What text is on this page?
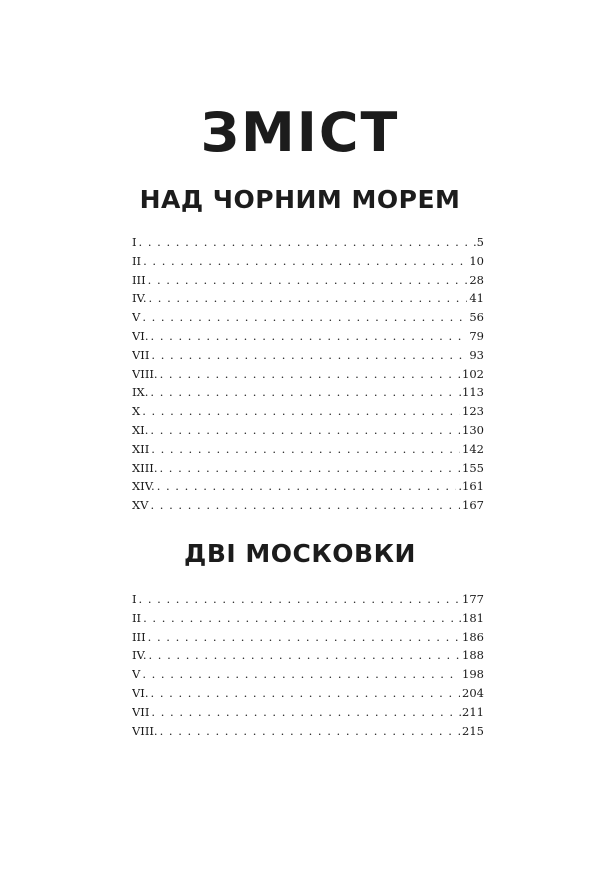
ЗМІСТ
НАД ЧОРНИМ МОРЕМ
I . . .	.5
II . . .	10
III . . .	28
IV. . . .	41
V . . .	56
VI. . . .	79
VII . . .	93
VIII. . . .	102
IX. . . .	.113
X . . .	123
XI. . . .	130
XII . . .	142
XIII. . . .	155
XIV. . . .	.161
XV . . .	167
ДВІ МОСКОВКИ
I . . .	177
II . . .	.181
III . . .	186
IV. . . .	188
V . . .	198
VI. . . .	204
VII . . .	.211
VIII. . . .	215
